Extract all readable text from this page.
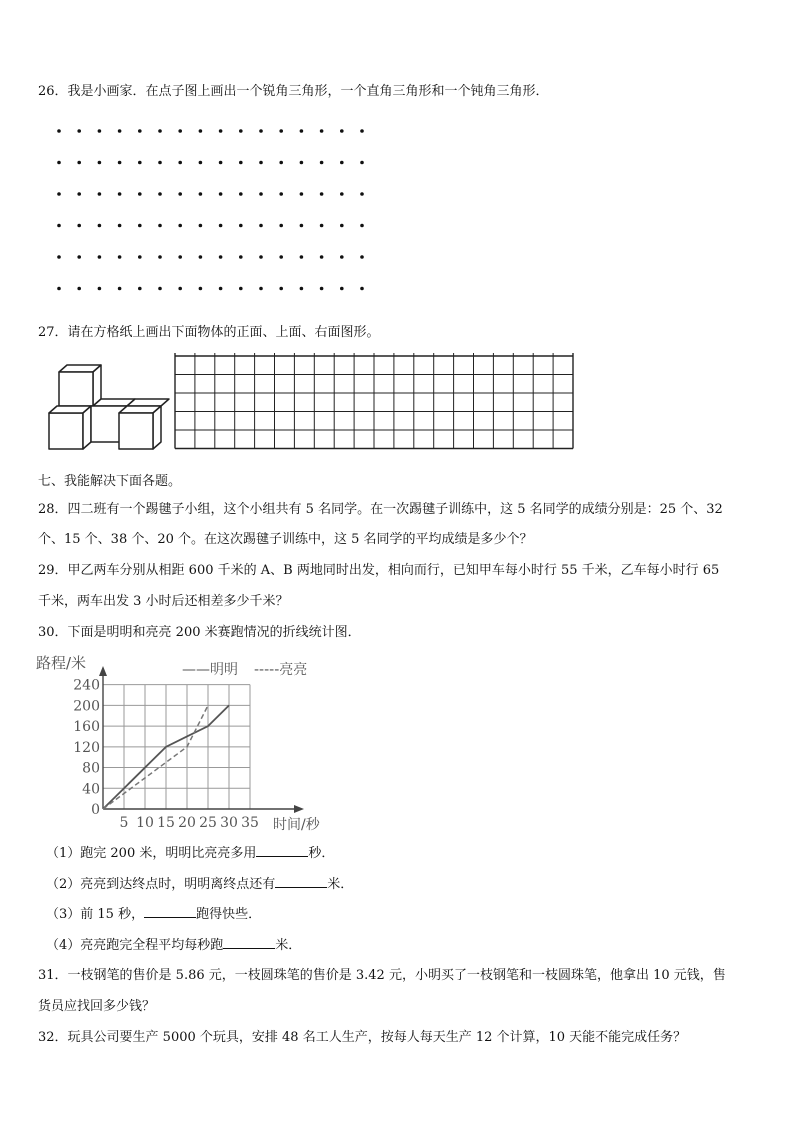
26．我是小画家．在点子图上画出一个锐角三角形，一个直角三角形和一个钝角三角形．
27．请在方格纸上画出下面物体的正面、上面、右面图形。
七、我能解决下面各题。
28．四二班有一个踢毽子小组，这个小组共有 5 名同学。在一次踢毽子训练中，这 5 名同学的成绩分别是：25 个、32
个、15 个、38 个、20 个。在这次踢毽子训练中，这 5 名同学的平均成绩是多少个？
29．甲乙两车分别从相距 600 千米的 A、B 两地同时出发，相向而行，已知甲车每小时行 55 千米，乙车每小时行 65
千米，两车出发 3 小时后还相差多少千米？
30．下面是明明和亮亮 200 米赛跑情况的折线统计图．
路程/米
0
40
80
120
160
200
240
5 10 15 20 25 30 35 时间/秒
——明明 -----亮亮
（1）跑完 200 米，明明比亮亮多用	秒．
（2）亮亮到达终点时，明明离终点还有	米．
（3）前 15 秒，	跑得快些．
（4）亮亮跑完全程平均每秒跑	米．
31．一枝钢笔的售价是 5.86 元，一枝圆珠笔的售价是 3.42 元，小明买了一枝钢笔和一枝圆珠笔，他拿出 10 元钱，售
货员应找回多少钱？
32．玩具公司要生产 5000 个玩具，安排 48 名工人生产，按每人每天生产 12 个计算，10 天能不能完成任务？
